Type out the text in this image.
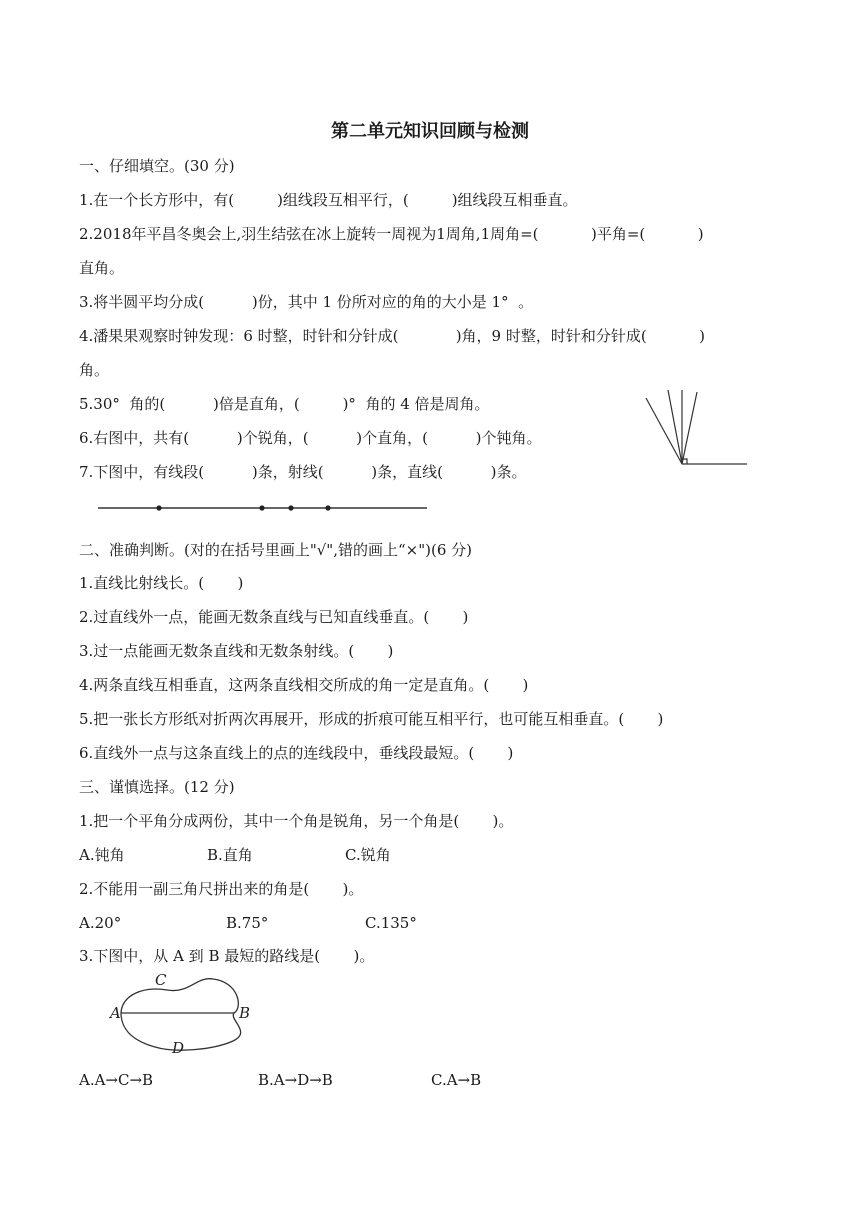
第二单元知识回顾与检测
一、仔细填空。(30 分)
1.在一个长方形中，有(         )组线段互相平行，(         )组线段互相垂直。
2.2018年平昌冬奥会上,羽生结弦在冰上旋转一周视为1周角,1周角=(           )平角=(           )
直角。
3.将半圆平均分成(          )份，其中 1 份所对应的角的大小是 1°  。
4.潘果果观察时钟发现：6 时整，时针和分针成(            )角，9 时整，时针和分针成(           )
角。
5.30°  角的(          )倍是直角，(         )°  角的 4 倍是周角。
6.右图中，共有(          )个锐角，(          )个直角，(          )个钝角。
7.下图中，有线段(          )条，射线(          )条，直线(          )条。
二、准确判断。(对的在括号里画上"√",错的画上“×")(6 分)
1.直线比射线长。(       )
2.过直线外一点，能画无数条直线与已知直线垂直。(       )
3.过一点能画无数条直线和无数条射线。(       )
4.两条直线互相垂直，这两条直线相交所成的角一定是直角。(       )
5.把一张长方形纸对折两次再展开，形成的折痕可能互相平行，也可能互相垂直。(       )
6.直线外一点与这条直线上的点的连线段中，垂线段最短。(       )
三、谨慎选择。(12 分)
1.把一个平角分成两份，其中一个角是锐角，另一个角是(       )。
A.钝角	B.直角	C.锐角
2.不能用一副三角尺拼出来的角是(       )。
A.20°	B.75°	C.135°
3.下图中，从 A 到 B 最短的路线是(       )。
A	B
C
D
A.A→C→B	B.A→D→B	C.A→B
